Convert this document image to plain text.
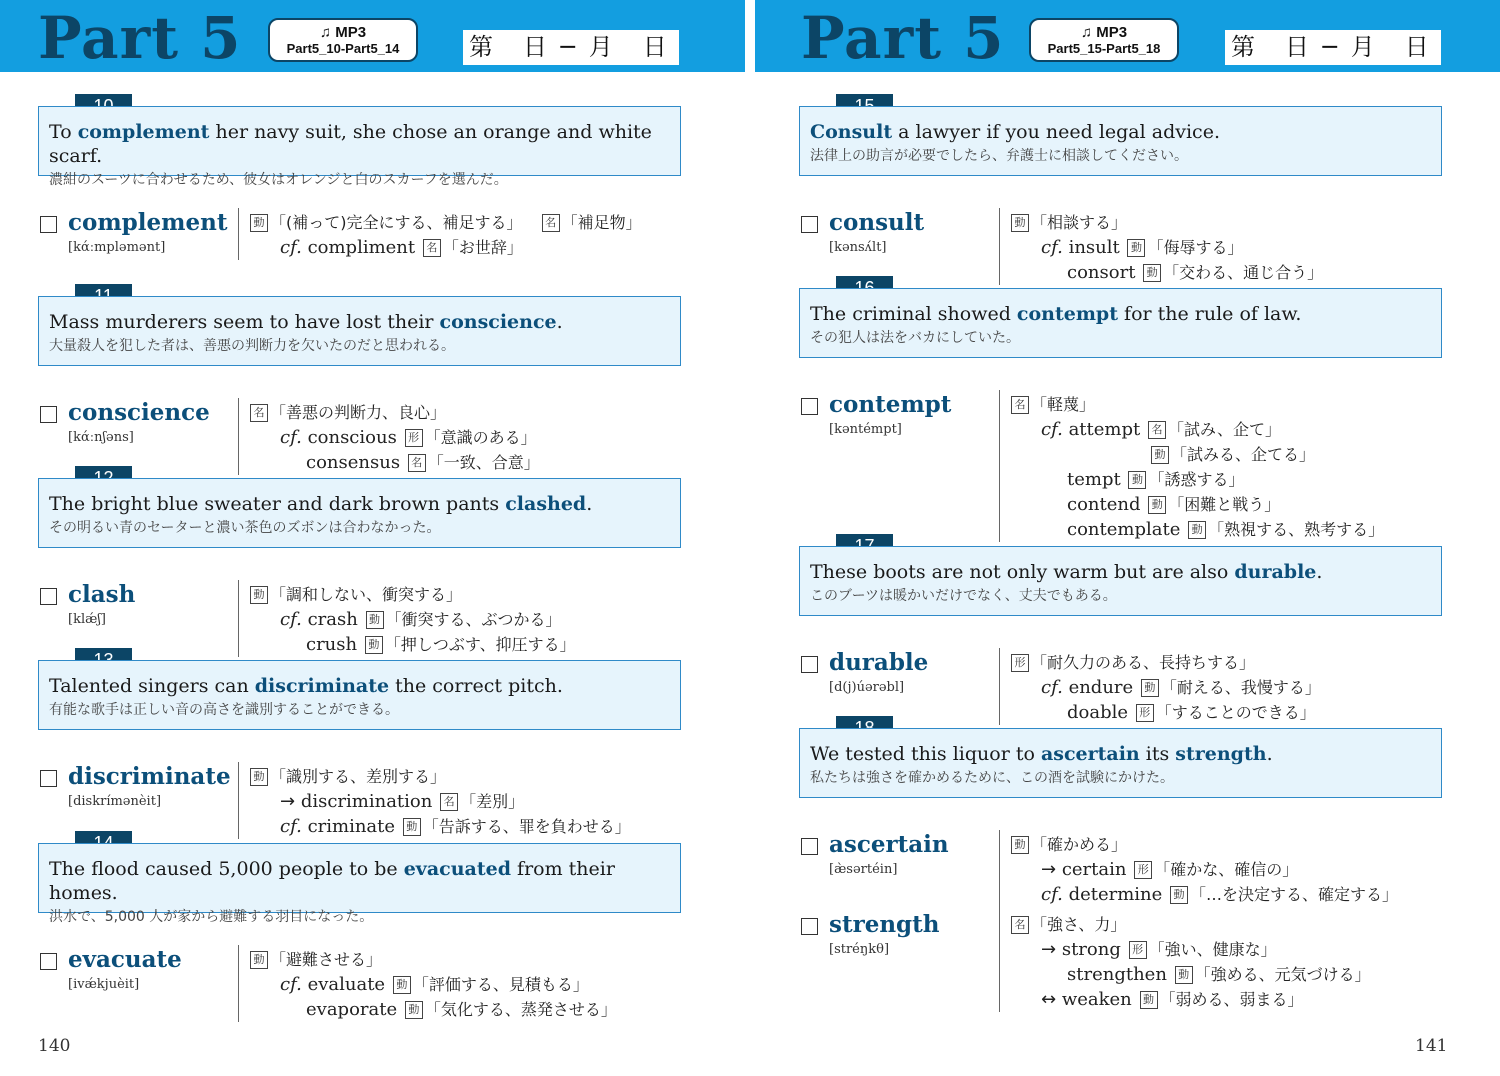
Part 5	♫ MP3
Part5_10-Part5_14	第　日 ─ 月　日
To complement her navy suit, she chose an orange and white scarf.
濃紺のスーツに合わせるため、彼女はオレンジと白のスカーフを選んだ。
complement
[kάːmpləmənt]
動 「(補って)完全にする、補足する」 名 「補足物」
cf. compliment 名 「お世辞」
Mass murderers seem to have lost their conscience.
大量殺人を犯した者は、善悪の判断力を欠いたのだと思われる。
conscience
[kάːnʃəns]
名 「善悪の判断力、良心」
cf. conscious 形 「意識のある」
consensus 名 「一致、合意」
The bright blue sweater and dark brown pants clashed.
その明るい青のセーターと濃い茶色のズボンは合わなかった。
clash
[klǽʃ]
動 「調和しない、衝突する」
cf. crash 動 「衝突する、ぶつかる」
crush 動 「押しつぶす、抑圧する」
Talented singers can discriminate the correct pitch.
有能な歌手は正しい音の高さを識別することができる。
discriminate
[diskrímənèit]
動 「識別する、差別する」
→ discrimination 名 「差別」
cf. criminate 動 「告訴する、罪を負わせる」
The flood caused 5,000 people to be evacuated from their homes.
洪水で、5,000 人が家から避難する羽目になった。
evacuate
[ivǽkjuèit]
動 「避難させる」
cf. evaluate 動 「評価する、見積もる」
evaporate 動 「気化する、蒸発させる」
140
Part 5	♫ MP3
Part5_15-Part5_18	第　日 ─ 月　日
Consult a lawyer if you need legal advice.
法律上の助言が必要でしたら、弁護士に相談してください。
consult
[kənsʌ́lt]
動 「相談する」
cf. insult 動 「侮辱する」
consort 動 「交わる、通じ合う」
The criminal showed contempt for the rule of law.
その犯人は法をバカにしていた。
contempt
[kəntémpt]
名 「軽蔑」
cf. attempt 名 「試み、企て」
動 「試みる、企てる」
tempt 動 「誘惑する」
contend 動 「困難と戦う」
contemplate 動 「熟視する、熟考する」
These boots are not only warm but are also durable.
このブーツは暖かいだけでなく、丈夫でもある。
durable
[d(j)úərəbl]
形 「耐久力のある、長持ちする」
cf. endure 動 「耐える、我慢する」
doable 形 「することのできる」
We tested this liquor to ascertain its strength.
私たちは強さを確かめるために、この酒を試験にかけた。
ascertain
[æ̀sərtéin]
動 「確かめる」
→ certain 形 「確かな、確信の」
cf. determine 動 「…を決定する、確定する」
strength
[stréŋkθ]
名 「強さ、力」
→ strong 形 「強い、健康な」
strengthen 動 「強める、元気づける」
↔ weaken 動 「弱める、弱まる」
141
